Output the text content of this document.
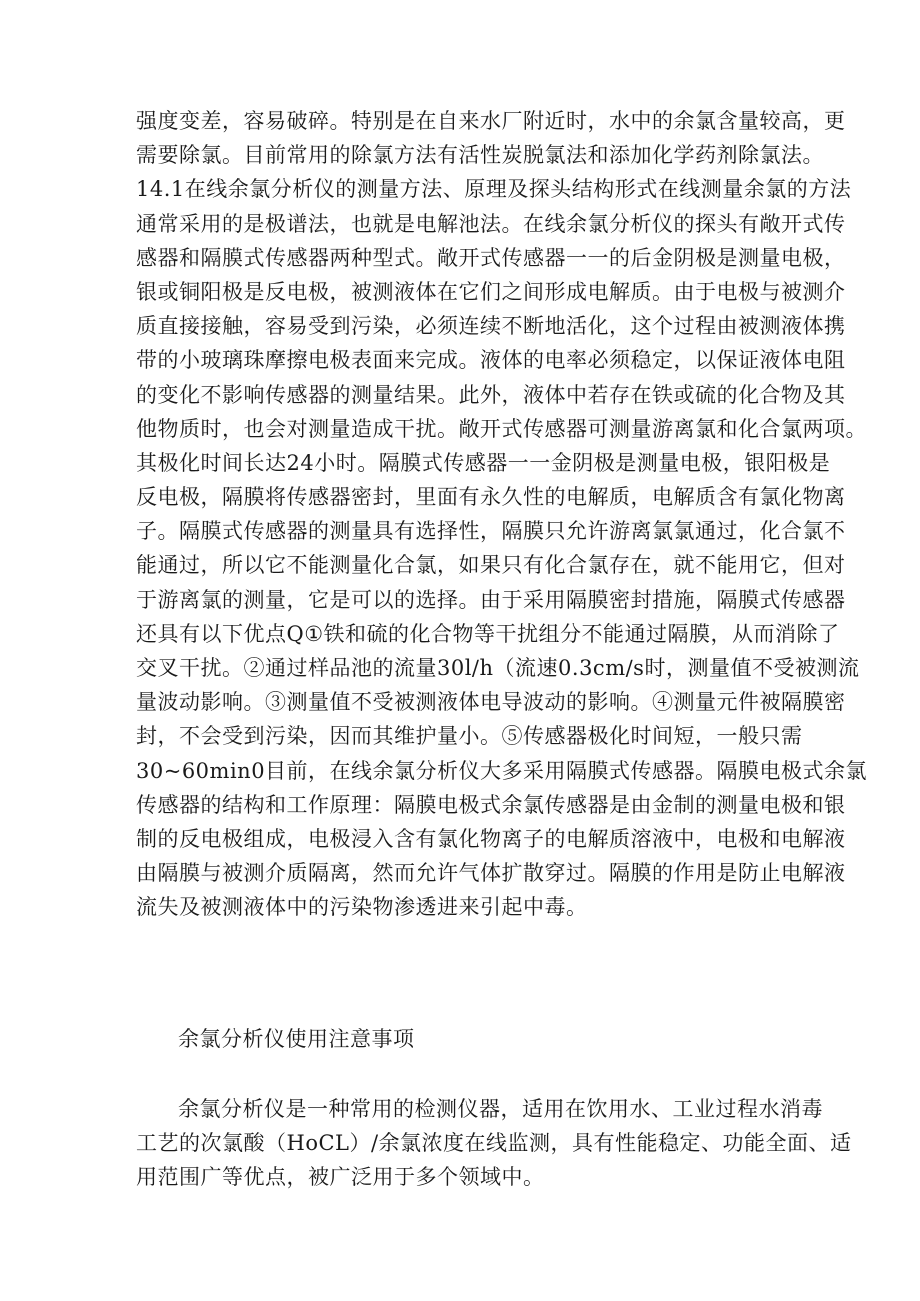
强度变差，容易破碎。特别是在自来水厂附近时，水中的余氯含量较高，更
需要除氯。目前常用的除氯方法有活性炭脱氯法和添加化学药剂除氯法。
14.1在线余氯分析仪的测量方法、原理及探头结构形式在线测量余氯的方法
通常采用的是极谱法，也就是电解池法。在线余氯分析仪的探头有敞开式传
感器和隔膜式传感器两种型式。敞开式传感器一一的后金阴极是测量电极，
银或铜阳极是反电极，被测液体在它们之间形成电解质。由于电极与被测介
质直接接触，容易受到污染，必须连续不断地活化，这个过程由被测液体携
带的小玻璃珠摩擦电极表面来完成。液体的电率必须稳定，以保证液体电阻
的变化不影响传感器的测量结果。此外，液体中若存在铁或硫的化合物及其
他物质时，也会对测量造成干扰。敞开式传感器可测量游离氯和化合氯两项。
其极化时间长达24小时。隔膜式传感器一一金阴极是测量电极，银阳极是
反电极，隔膜将传感器密封，里面有永久性的电解质，电解质含有氯化物离
子。隔膜式传感器的测量具有选择性，隔膜只允许游离氯氯通过，化合氯不
能通过，所以它不能测量化合氯，如果只有化合氯存在，就不能用它，但对
于游离氯的测量，它是可以的选择。由于采用隔膜密封措施，隔膜式传感器
还具有以下优点Q①铁和硫的化合物等干扰组分不能通过隔膜，从而消除了
交叉干扰。②通过样品池的流量30l∕h（流速0.3cm∕s时，测量值不受被测流
量波动影响。③测量值不受被测液体电导波动的影响。④测量元件被隔膜密
封，不会受到污染，因而其维护量小。⑤传感器极化时间短，一般只需
30~60min0目前，在线余氯分析仪大多采用隔膜式传感器。隔膜电极式余氯
传感器的结构和工作原理：隔膜电极式余氯传感器是由金制的测量电极和银
制的反电极组成，电极浸入含有氯化物离子的电解质溶液中，电极和电解液
由隔膜与被测介质隔离，然而允许气体扩散穿过。隔膜的作用是防止电解液
流失及被测液体中的污染物渗透进来引起中毒。
余氯分析仪使用注意事项
余氯分析仪是一种常用的检测仪器，适用在饮用水、工业过程水消毒
工艺的次氯酸（HoCL）/余氯浓度在线监测，具有性能稳定、功能全面、适
用范围广等优点，被广泛用于多个领域中。
